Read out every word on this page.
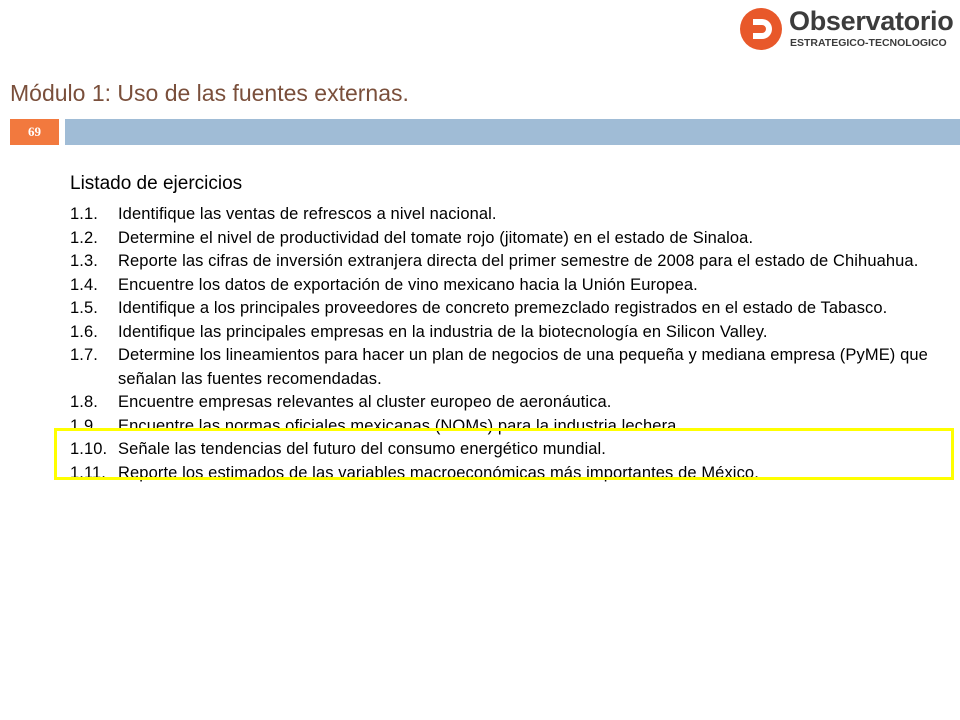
Observatorio
ESTRATEGICO-TECNOLOGICO
Módulo 1: Uso de las fuentes externas.
69
Listado de ejercicios
1.1. Identifique las ventas de refrescos a nivel nacional.
1.2. Determine el nivel de productividad del tomate rojo (jitomate) en el estado de Sinaloa.
1.3. Reporte las cifras de inversión extranjera directa del primer semestre de 2008 para el estado de Chihuahua.
1.4. Encuentre los datos de exportación de vino mexicano hacia la Unión Europea.
1.5. Identifique a los principales proveedores de concreto premezclado registrados en el estado de Tabasco.
1.6. Identifique las principales empresas en la industria de la biotecnología en Silicon Valley.
1.7. Determine los lineamientos para hacer un plan de negocios de una pequeña y mediana empresa (PyME) que señalan las fuentes recomendadas.
1.8. Encuentre empresas relevantes al cluster europeo de aeronáutica.
1.9. Encuentre las normas oficiales mexicanas (NOMs) para la industria lechera.
1.10. Señale las tendencias del futuro del consumo energético mundial.
1.11. Reporte los estimados de las variables macroeconómicas más importantes de México.
